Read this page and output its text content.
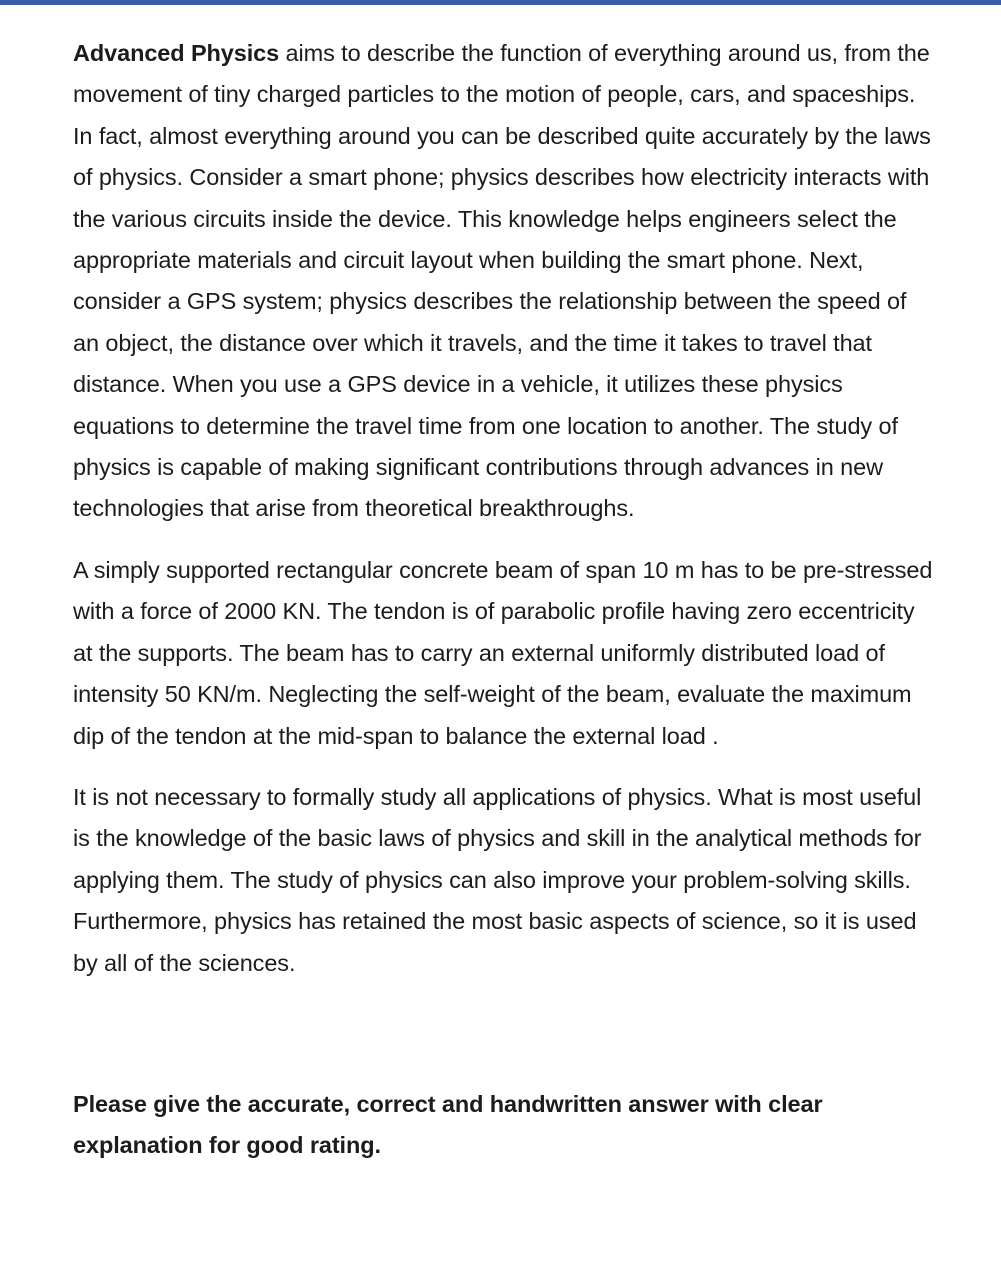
Advanced Physics aims to describe the function of everything around us, from the movement of tiny charged particles to the motion of people, cars, and spaceships. In fact, almost everything around you can be described quite accurately by the laws of physics. Consider a smart phone; physics describes how electricity interacts with the various circuits inside the device. This knowledge helps engineers select the appropriate materials and circuit layout when building the smart phone. Next, consider a GPS system; physics describes the relationship between the speed of an object, the distance over which it travels, and the time it takes to travel that distance. When you use a GPS device in a vehicle, it utilizes these physics equations to determine the travel time from one location to another. The study of physics is capable of making significant contributions through advances in new technologies that arise from theoretical breakthroughs.

A simply supported rectangular concrete beam of span 10 m has to be pre-stressed with a force of 2000 KN. The tendon is of parabolic profile having zero eccentricity at the supports. The beam has to carry an external uniformly distributed load of intensity 50 KN/m. Neglecting the self-weight of the beam, evaluate the maximum dip of the tendon at the mid-span to balance the external load .

It is not necessary to formally study all applications of physics. What is most useful is the knowledge of the basic laws of physics and skill in the analytical methods for applying them. The study of physics can also improve your problem-solving skills. Furthermore, physics has retained the most basic aspects of science, so it is used by all of the sciences.

Please give the accurate, correct and handwritten answer with clear explanation for good rating.
